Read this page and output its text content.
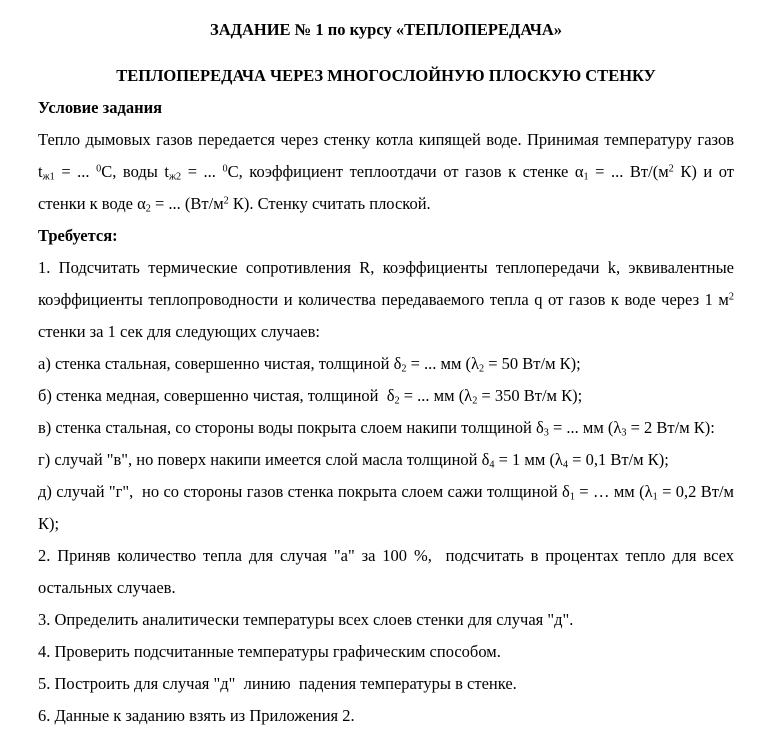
ЗАДАНИЕ № 1 по курсу «ТЕПЛОПЕРЕДАЧА»
ТЕПЛОПЕРЕДАЧА ЧЕРЕЗ МНОГОСЛОЙНУЮ ПЛОСКУЮ СТЕНКУ
Условие задания

Тепло дымовых газов передается через стенку котла кипящей воде. Принимая температуру газов $t_{ж1}$ = ... $^0$С, воды $t_{ж2}$ = ... $^0$С, коэффициент теплоотдачи от газов к стенке $\alpha_1$ = ... $Вт/(м^2$ К) и от стенки к воде $\alpha_2$ = ... ($Вт/м^2$ К). Стенку считать плоской.

Требуется:

1. Подсчитать термические сопротивления R, коэффициенты теплопередачи k, эквивалентные коэффициенты теплопроводности и количества передаваемого тепла q от газов к воде через 1 $м^2$ стенки за 1 сек для следующих случаев:

а) стенка стальная, совершенно чистая, толщиной $\delta_2$ = ... мм ($\lambda_2 = 50$ Вт/м К);

б) стенка медная, совершенно чистая, толщиной  $\delta_2$ = ... мм ($\lambda_2 = 350$ Вт/м К);

в) стенка стальная, со стороны воды покрыта слоем накипи толщиной $\delta_3$ = ... мм ($\lambda_3 = 2$ Вт/м К):

г) случай "в", но поверх накипи имеется слой масла толщиной $\delta_4 = 1$ мм ($\lambda_4 = 0,1$ Вт/м К);

д) случай "г",  но со стороны газов стенка покрыта слоем сажи толщиной $\delta_1$ = … мм ($\lambda_1 = 0,2$ Вт/м К);

2. Приняв количество тепла для случая "а" за 100 %,  подсчитать в процентах тепло для всех остальных случаев.

3. Определить аналитически температуры всех слоев стенки для случая "д".

4. Проверить подсчитанные температуры графическим способом.

5. Построить для случая "д"  линию  падения температуры в стенке.

6. Данные к заданию взять из Приложения 2.
